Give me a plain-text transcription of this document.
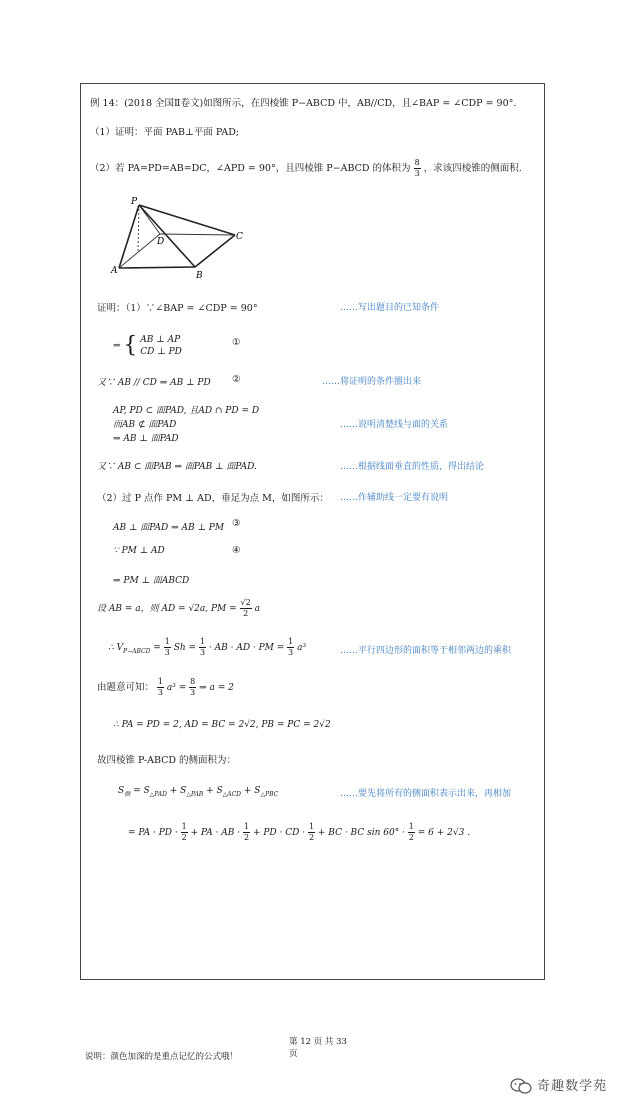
例 14：(2018 全国Ⅱ卷文)如图所示，在四棱锥 P−ABCD 中，AB//CD，且∠BAP = ∠CDP = 90°.
（1）证明：平面 PAB⊥平面 PAD;
（2）若 PA=PD=AB=DC，∠APD = 90°，且四棱锥 P−ABCD 的体积为 $\frac{8}{3}$ ，求该四棱锥的侧面积.
P
A	B
C
D
证明：（1）∵∠BAP = ∠CDP = 90°	……写出题目的已知条件
⇒ { AB ⊥ AP
CD ⊥ PD
①
又∵ AB // CD ⇒ AB ⊥ PD ②	……将证明的条件圈出来
AP, PD ⊂ 面PAD, 且AD ∩ PD = D
而AB ⊄ 面PAD
⇒ AB ⊥ 面PAD
……说明清楚线与面的关系
又∵ AB ⊂ 面PAB ⇒ 面PAB ⊥ 面PAD.	……根据线面垂直的性质，得出结论
（2）过 P 点作 PM ⊥ AD，垂足为点 M，如图所示： ……作辅助线一定要有说明
AB ⊥ 面PAD ⇒ AB ⊥ PM ③
∵ PM ⊥ AD	④
⇒ PM ⊥ 面ABCD
设 AB = a，则 AD = √2a, PM = $\frac{√2}{2}$ a
∴ $V_{P-ABCD} = \frac{1}{3}$ $Sh = \frac{1}{3}$ · AB · AD · PM = $\frac{1}{3} a^3$	……平行四边形的面积等于相邻两边的乘积
由题意可知： $\frac{1}{3} a^3 = \frac{8}{3}$ ⇒ a = 2
∴ PA = PD = 2, AD = BC = 2√2, PB = PC = 2√2
故四棱锥 P-ABCD 的侧面积为：
$S_侧 = S_{\triangle PAD} + S_{\triangle PAB} + S_{\triangle ACD} + S_{\triangle PBC}$	……要先将所有的侧面积表示出来，再相加
= PA · PD · $\frac{1}{2}$ + PA · AB · $\frac{1}{2}$ + PD · CD · $\frac{1}{2}$ + BC · BC $\sin 60^\circ \cdot \frac{1}{2} = 6 + 2√3$ .
第 12 页 共 33
页
说明：颜色加深的是重点记忆的公式哦！
奇趣数学苑
